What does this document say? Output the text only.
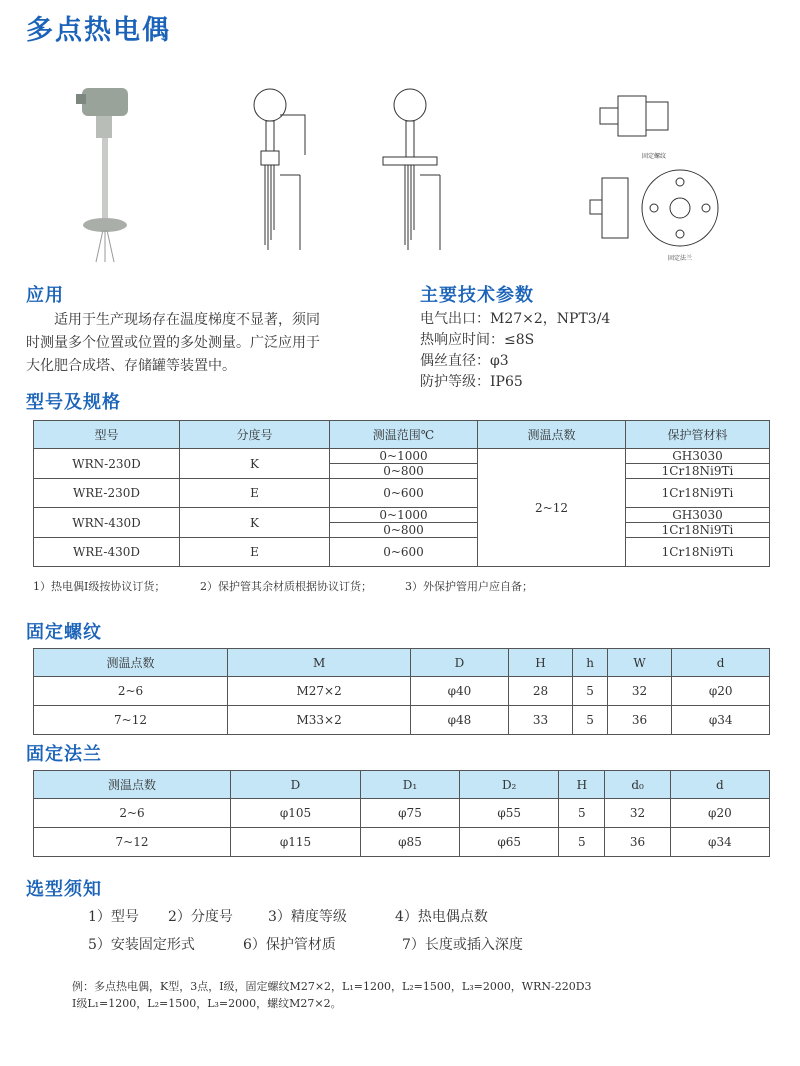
多点热电偶
固定螺纹
固定法兰
应用
　　适用于生产现场存在温度梯度不显著，须同
时测量多个位置或位置的多处测量。广泛应用于
大化肥合成塔、存储罐等装置中。
主要技术参数
电气出口：M27×2，NPT3/4
热响应时间：≤8S
偶丝直径：φ3
防护等级：IP65
型号及规格
型号	分度号	测温范围℃	测温点数	保护管材料
WRN-230D	K	0~1000	2~12	GH3030
		0~800		1Cr18Ni9Ti
WRE-230D	E	0~600		1Cr18Ni9Ti
WRN-430D	K	0~1000		GH3030
		0~800		1Cr18Ni9Ti
WRE-430D	E	0~600		1Cr18Ni9Ti
1）热电偶Ⅰ级按协议订货；	2）保护管其余材质根据协议订货；	3）外保护管用户应自备；
固定螺纹
测温点数	M	D	H	h	W	d
2~6	M27×2	φ40	28	5	32	φ20
7~12	M33×2	φ48	33	5	36	φ34
固定法兰
测温点数	D	D₁	D₂	H	d₀	d
2~6	φ105	φ75	φ55	5	32	φ20
7~12	φ115	φ85	φ65	5	36	φ34
选型须知
1）型号 2）分度号	3）精度等级	4）热电偶点数
5）安装固定形式	6）保护管材质	7）长度或插入深度
例：多点热电偶，K型，3点，I级，固定螺纹M27×2，L₁=1200，L₂=1500，L₃=2000，WRN-220D3
I级L₁=1200，L₂=1500，L₃=2000，螺纹M27×2。
